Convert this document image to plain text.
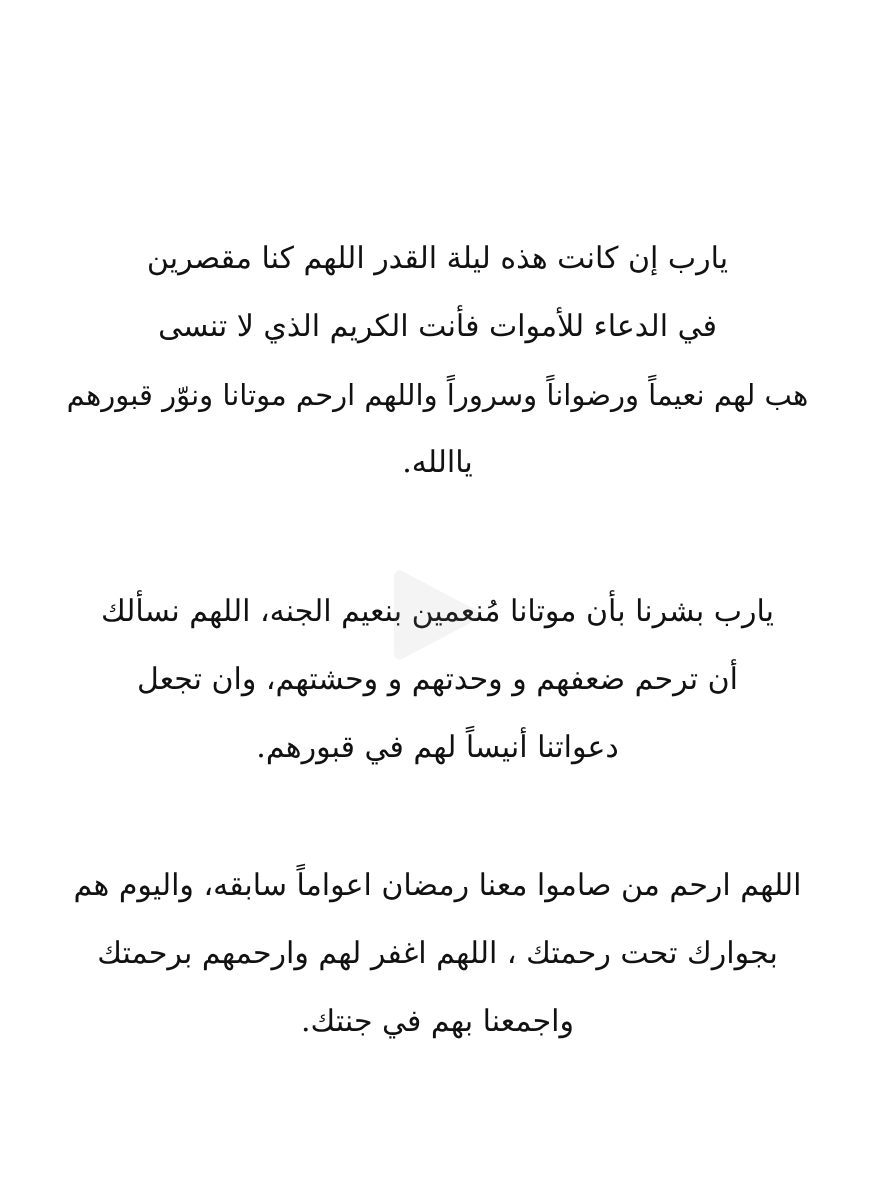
يارب إن كانت هذه ليلة القدر اللهم كنا مقصرين
في الدعاء للأموات فأنت الكريم الذي لا تنسى
هب لهم نعيماً ورضواناً وسروراً واللهم ارحم موتانا ونوّر قبورهم
ياالله.
يارب بشرنا بأن موتانا مُنعمين بنعيم الجنه، اللهم نسألك
أن ترحم ضعفهم و وحدتهم و وحشتهم، وان تجعل
دعواتنا أنيساً لهم في قبورهم.
اللهم ارحم من صاموا معنا رمضان اعواماً سابقه، واليوم هم
بجوارك تحت رحمتك ، اللهم اغفر لهم وارحمهم برحمتك
واجمعنا بهم في جنتك.
